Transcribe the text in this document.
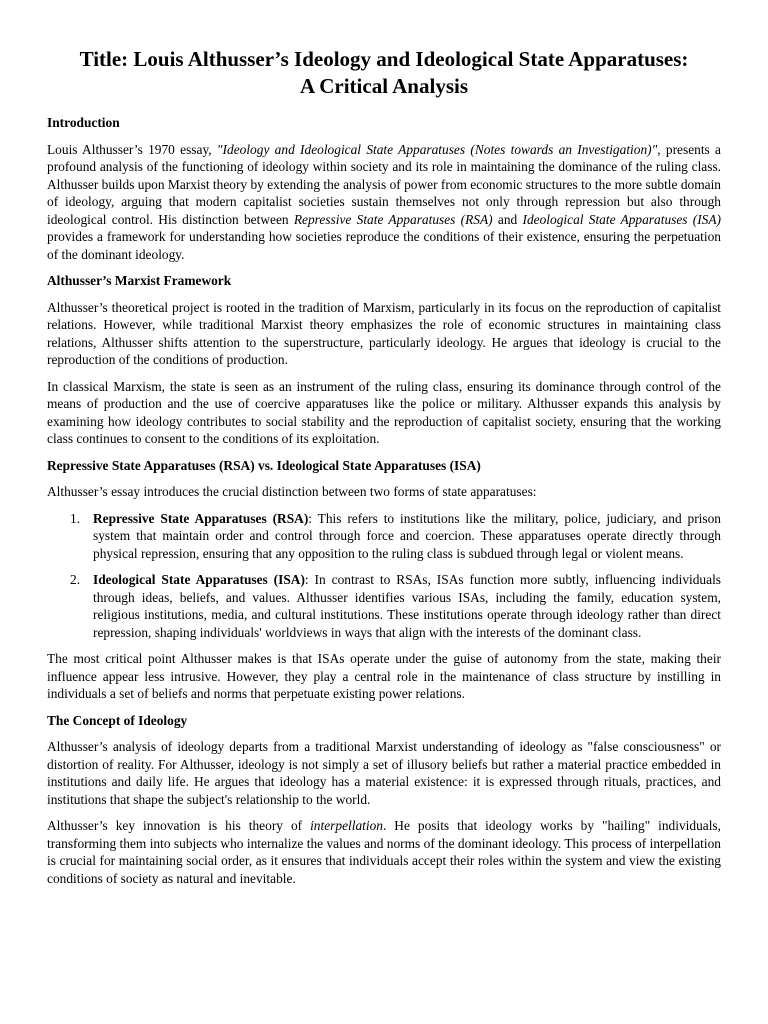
Title: Louis Althusser’s Ideology and Ideological State Apparatuses:
A Critical Analysis
Introduction

Louis Althusser’s 1970 essay, "Ideology and Ideological State Apparatuses (Notes towards an Investigation)", presents a profound analysis of the functioning of ideology within society and its role in maintaining the dominance of the ruling class. Althusser builds upon Marxist theory by extending the analysis of power from economic structures to the more subtle domain of ideology, arguing that modern capitalist societies sustain themselves not only through repression but also through ideological control. His distinction between Repressive State Apparatuses (RSA) and Ideological State Apparatuses (ISA) provides a framework for understanding how societies reproduce the conditions of their existence, ensuring the perpetuation of the dominant ideology.

Althusser’s Marxist Framework

Althusser’s theoretical project is rooted in the tradition of Marxism, particularly in its focus on the reproduction of capitalist relations. However, while traditional Marxist theory emphasizes the role of economic structures in maintaining class relations, Althusser shifts attention to the superstructure, particularly ideology. He argues that ideology is crucial to the reproduction of the conditions of production.

In classical Marxism, the state is seen as an instrument of the ruling class, ensuring its dominance through control of the means of production and the use of coercive apparatuses like the police or military. Althusser expands this analysis by examining how ideology contributes to social stability and the reproduction of capitalist society, ensuring that the working class continues to consent to the conditions of its exploitation.

Repressive State Apparatuses (RSA) vs. Ideological State Apparatuses (ISA)

Althusser’s essay introduces the crucial distinction between two forms of state apparatuses:

1. Repressive State Apparatuses (RSA): This refers to institutions like the military, police, judiciary, and prison system that maintain order and control through force and coercion. These apparatuses operate directly through physical repression, ensuring that any opposition to the ruling class is subdued through legal or violent means.
2. Ideological State Apparatuses (ISA): In contrast to RSAs, ISAs function more subtly, influencing individuals through ideas, beliefs, and values. Althusser identifies various ISAs, including the family, education system, religious institutions, media, and cultural institutions. These institutions operate through ideology rather than direct repression, shaping individuals' worldviews in ways that align with the interests of the dominant class.

The most critical point Althusser makes is that ISAs operate under the guise of autonomy from the state, making their influence appear less intrusive. However, they play a central role in the maintenance of class structure by instilling in individuals a set of beliefs and norms that perpetuate existing power relations.

The Concept of Ideology

Althusser’s analysis of ideology departs from a traditional Marxist understanding of ideology as "false consciousness" or distortion of reality. For Althusser, ideology is not simply a set of illusory beliefs but rather a material practice embedded in institutions and daily life. He argues that ideology has a material existence: it is expressed through rituals, practices, and institutions that shape the subject's relationship to the world.

Althusser’s key innovation is his theory of interpellation. He posits that ideology works by "hailing" individuals, transforming them into subjects who internalize the values and norms of the dominant ideology. This process of interpellation is crucial for maintaining social order, as it ensures that individuals accept their roles within the system and view the existing conditions of society as natural and inevitable.
